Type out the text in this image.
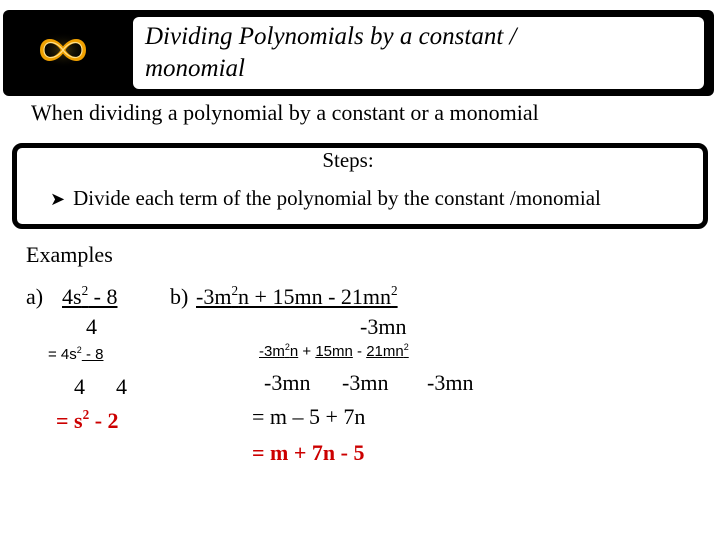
Dividing Polynomials by a constant /
monomial
When dividing a polynomial by a constant or a monomial
Steps:
➤ Divide each term of the polynomial by the constant /monomial
Examples
a) $4s^2 - 8$
4
= $4s^2 - 8$
4 4
= $s^2 - 2$
b) $-3m^2n + 15mn - 21mn^2$
-3mn
$-3m^2n + 15mn - 21mn^2$
-3mn -3mn -3mn
= m – 5 + 7n
= m + 7n - 5
